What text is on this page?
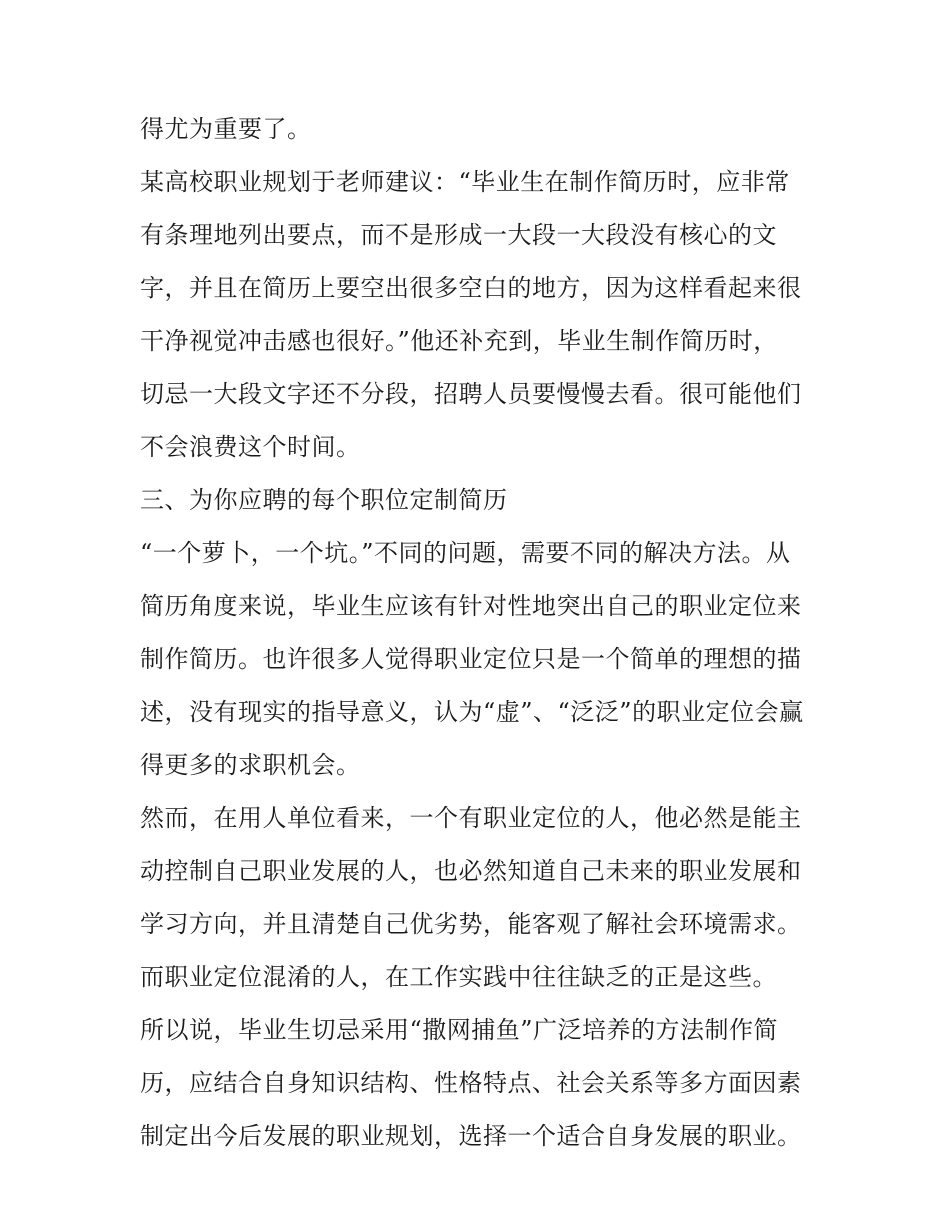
得尤为重要了。
某高校职业规划于老师建议：“毕业生在制作简历时，应非常
有条理地列出要点，而不是形成一大段一大段没有核心的文
字，并且在简历上要空出很多空白的地方，因为这样看起来很
干净视觉冲击感也很好。”他还补充到，毕业生制作简历时，
切忌一大段文字还不分段，招聘人员要慢慢去看。很可能他们
不会浪费这个时间。
三、为你应聘的每个职位定制简历
“一个萝卜，一个坑。”不同的问题，需要不同的解决方法。从
简历角度来说，毕业生应该有针对性地突出自己的职业定位来
制作简历。也许很多人觉得职业定位只是一个简单的理想的描
述，没有现实的指导意义，认为“虚”、“泛泛”的职业定位会赢
得更多的求职机会。
然而，在用人单位看来，一个有职业定位的人，他必然是能主
动控制自己职业发展的人，也必然知道自己未来的职业发展和
学习方向，并且清楚自己优劣势，能客观了解社会环境需求。
而职业定位混淆的人，在工作实践中往往缺乏的正是这些。
所以说，毕业生切忌采用“撒网捕鱼”广泛培养的方法制作简
历，应结合自身知识结构、性格特点、社会关系等多方面因素
制定出今后发展的职业规划，选择一个适合自身发展的职业。
